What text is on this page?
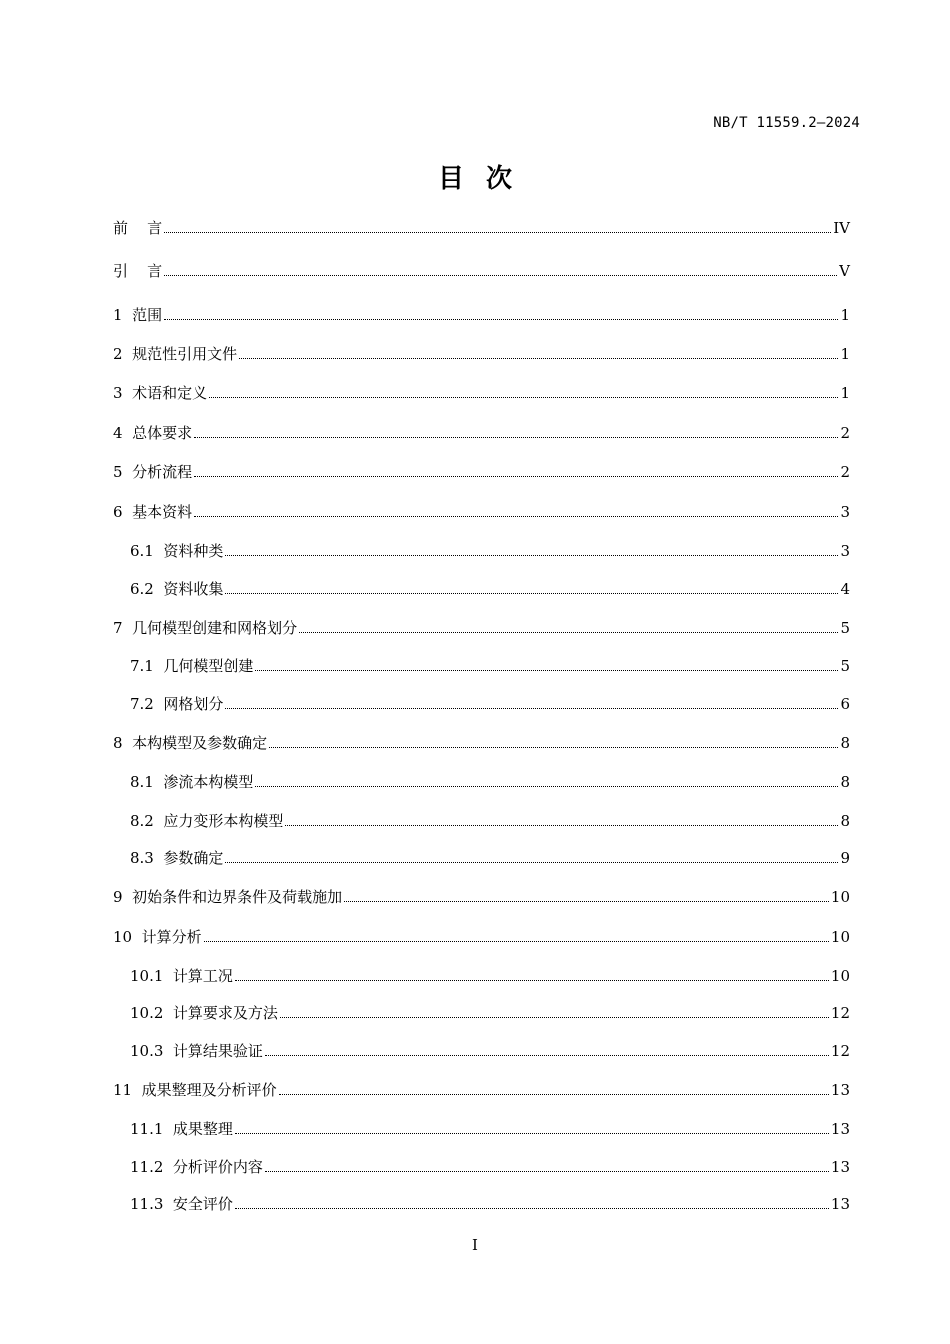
NB/T 11559.2—2024
目次
前    言	IV
引    言	V
1  范围	1
2  规范性引用文件	1
3  术语和定义	1
4  总体要求	2
5  分析流程	2
6  基本资料	3
6.1  资料种类	3
6.2  资料收集	4
7  几何模型创建和网格划分	5
7.1  几何模型创建	5
7.2  网格划分	6
8  本构模型及参数确定	8
8.1  渗流本构模型	8
8.2  应力变形本构模型	8
8.3  参数确定	9
9  初始条件和边界条件及荷载施加	10
10  计算分析	10
10.1  计算工况	10
10.2  计算要求及方法	12
10.3  计算结果验证	12
11  成果整理及分析评价	13
11.1  成果整理	13
11.2  分析评价内容	13
11.3  安全评价	13
I
